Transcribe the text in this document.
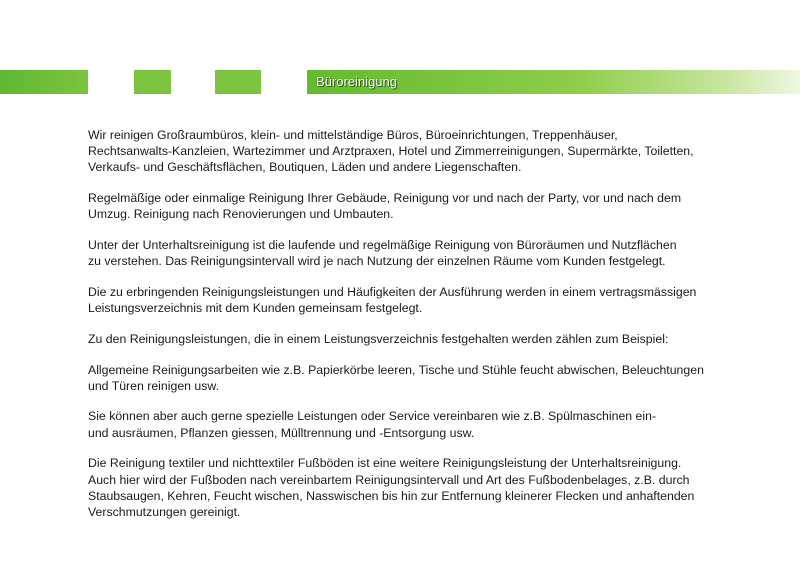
Büroreinigung

Wir reinigen Großraumbüros, klein- und mittelständige Büros, Büroeinrichtungen, Treppenhäuser,
Rechtsanwalts-Kanzleien, Wartezimmer und Arztpraxen, Hotel und Zimmerreinigungen, Supermärkte, Toiletten,
Verkaufs- und Geschäftsflächen, Boutiquen, Läden und andere Liegenschaften.

Regelmäßige oder einmalige Reinigung Ihrer Gebäude, Reinigung vor und nach der Party, vor und nach dem
Umzug. Reinigung nach Renovierungen und Umbauten.

Unter der Unterhaltsreinigung ist die laufende und regelmäßige Reinigung von Büroräumen und Nutzflächen
zu verstehen. Das Reinigungsintervall wird je nach Nutzung der einzelnen Räume vom Kunden festgelegt.

Die zu erbringenden Reinigungsleistungen und Häufigkeiten der Ausführung werden in einem vertragsmässigen
Leistungsverzeichnis mit dem Kunden gemeinsam festgelegt.

Zu den Reinigungsleistungen, die in einem Leistungsverzeichnis festgehalten werden zählen zum Beispiel:

Allgemeine Reinigungsarbeiten wie z.B. Papierkörbe leeren, Tische und Stühle feucht abwischen, Beleuchtungen
und Türen reinigen usw.

Sie können aber auch gerne spezielle Leistungen oder Service vereinbaren wie z.B. Spülmaschinen ein-
und ausräumen, Pflanzen giessen, Mülltrennung und -Entsorgung usw.

Die Reinigung textiler und nichttextiler Fußböden ist eine weitere Reinigungsleistung der Unterhaltsreinigung.
Auch hier wird der Fußboden nach vereinbartem Reinigungsintervall und Art des Fußbodenbelages, z.B. durch
Staubsaugen, Kehren, Feucht wischen, Nasswischen bis hin zur Entfernung kleinerer Flecken und anhaftenden
Verschmutzungen gereinigt.
